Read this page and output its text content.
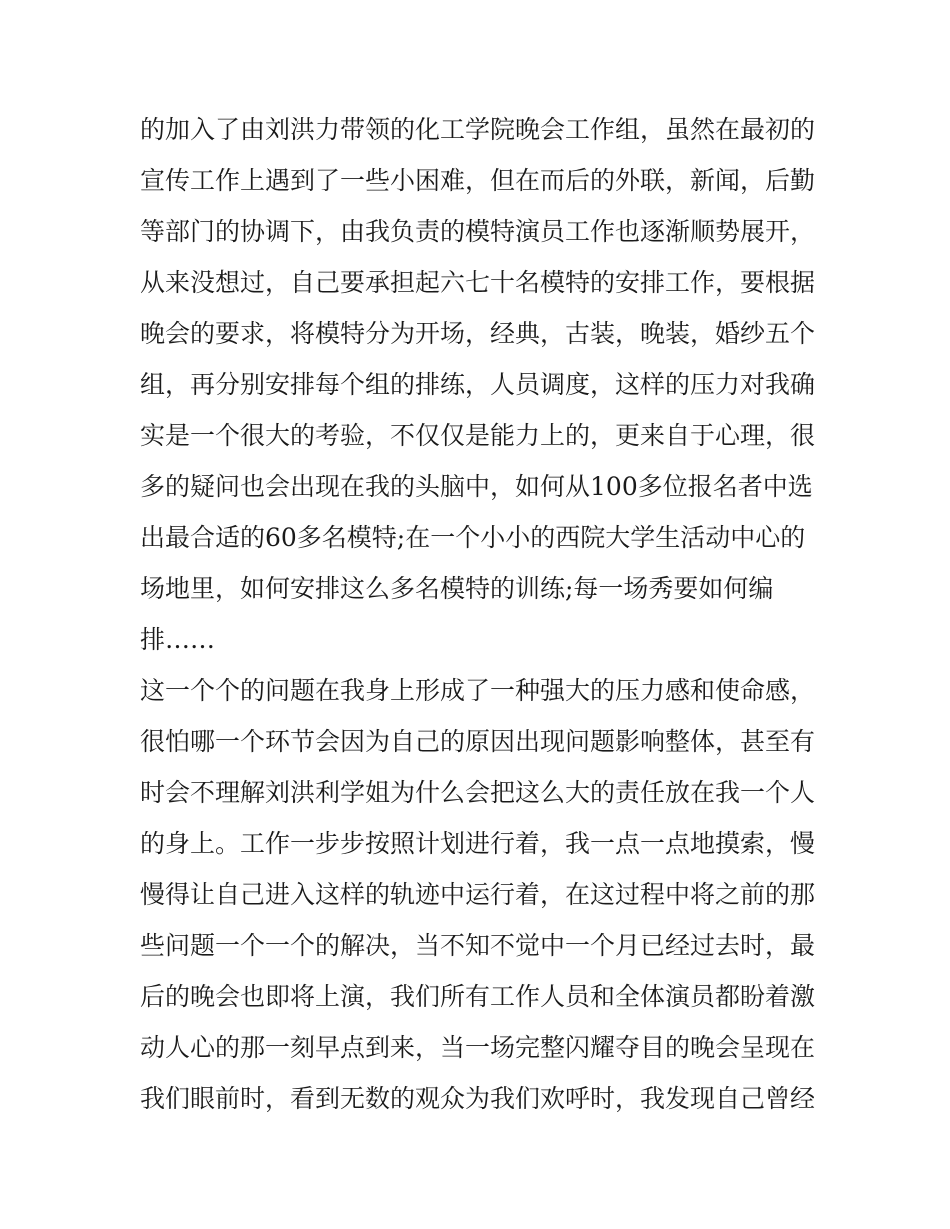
的加入了由刘洪力带领的化工学院晚会工作组，虽然在最初的
宣传工作上遇到了一些小困难，但在而后的外联，新闻，后勤
等部门的协调下，由我负责的模特演员工作也逐渐顺势展开，
从来没想过，自己要承担起六七十名模特的安排工作，要根据
晚会的要求，将模特分为开场，经典，古装，晚装，婚纱五个
组，再分别安排每个组的排练，人员调度，这样的压力对我确
实是一个很大的考验，不仅仅是能力上的，更来自于心理，很
多的疑问也会出现在我的头脑中，如何从100多位报名者中选
出最合适的60多名模特;在一个小小的西院大学生活动中心的
场地里，如何安排这么多名模特的训练;每一场秀要如何编
排……
这一个个的问题在我身上形成了一种强大的压力感和使命感，
很怕哪一个环节会因为自己的原因出现问题影响整体，甚至有
时会不理解刘洪利学姐为什么会把这么大的责任放在我一个人
的身上。工作一步步按照计划进行着，我一点一点地摸索，慢
慢得让自己进入这样的轨迹中运行着，在这过程中将之前的那
些问题一个一个的解决，当不知不觉中一个月已经过去时，最
后的晚会也即将上演，我们所有工作人员和全体演员都盼着激
动人心的那一刻早点到来，当一场完整闪耀夺目的晚会呈现在
我们眼前时，看到无数的观众为我们欢呼时，我发现自己曾经
